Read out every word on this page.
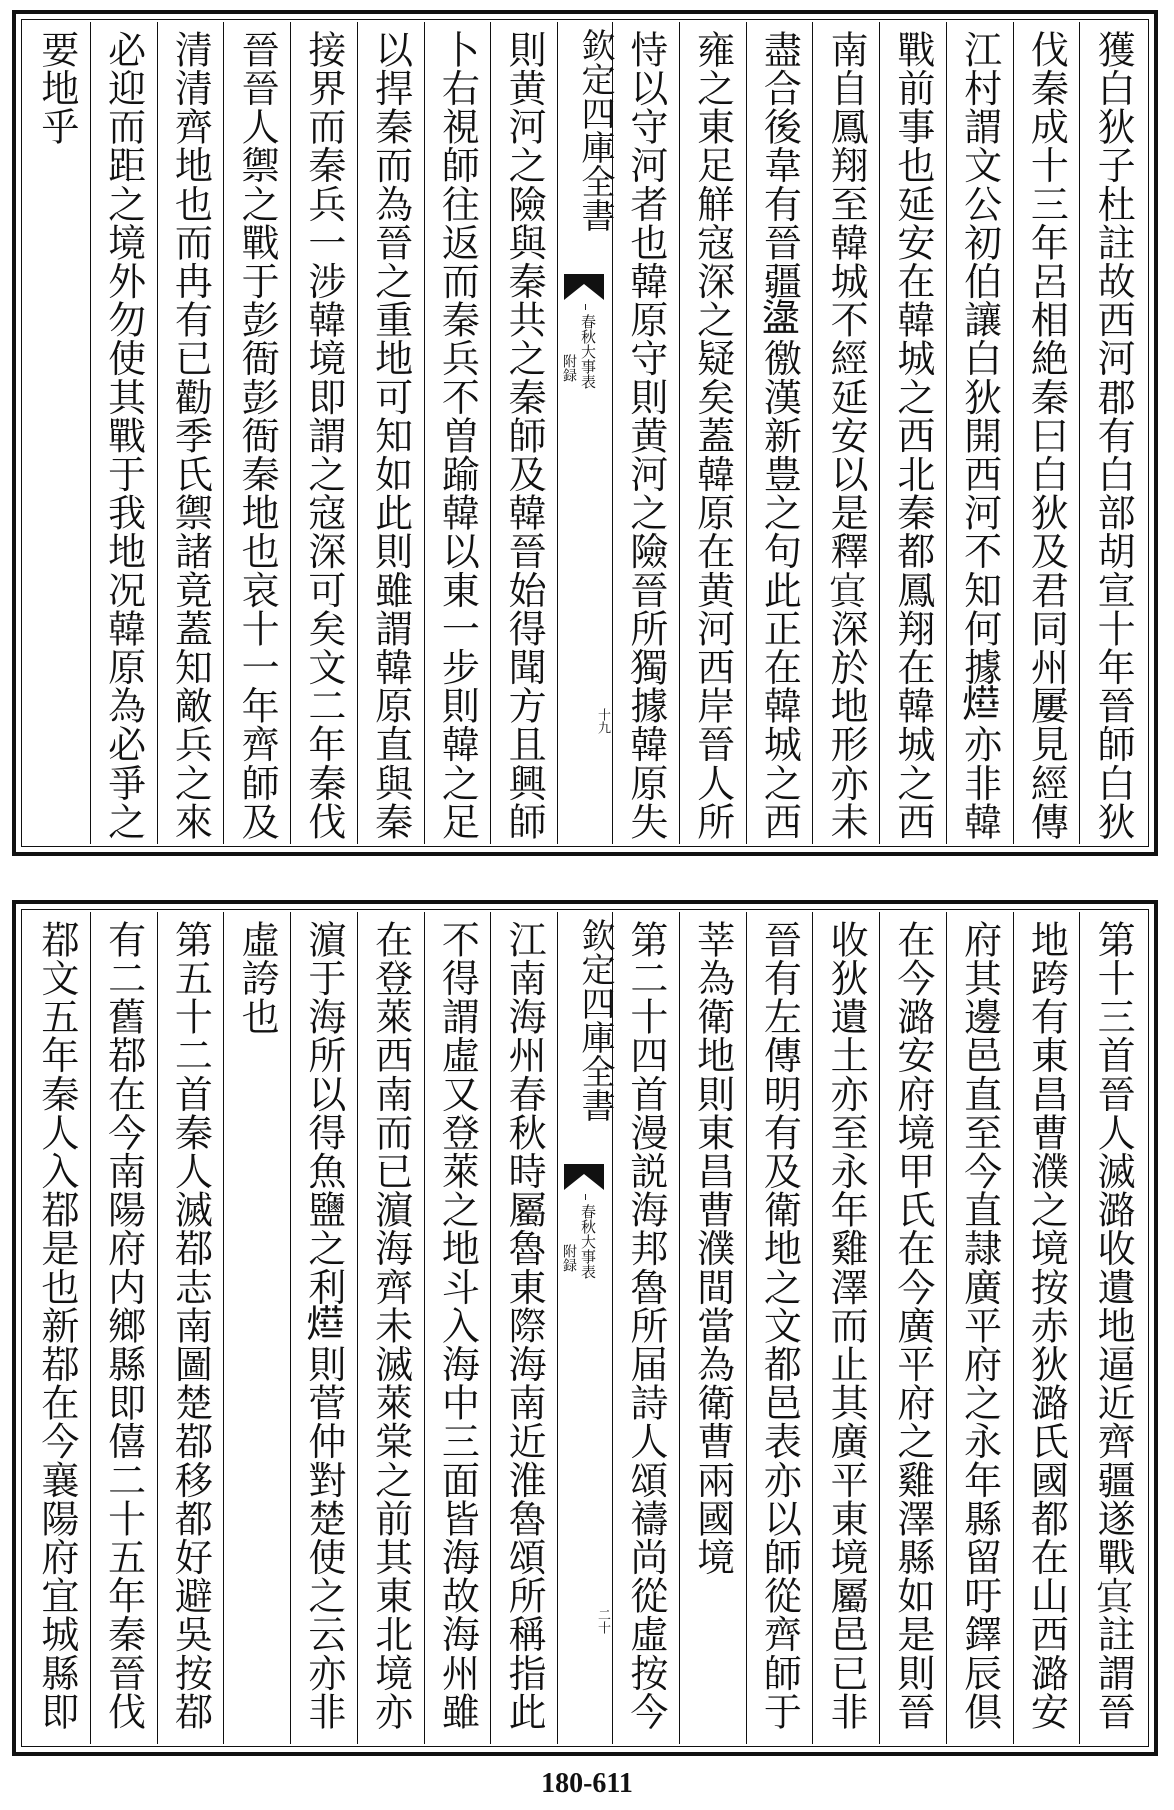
獲白狄子杜註故西河郡有白部胡宣十年晉師白狄
伐秦成十三年呂相絶秦曰白狄及君同州屢見經傳
江村謂文公初伯讓白狄開西河不知何據𤍞亦非韓
戰前事也延安在韓城之西北秦都鳳翔在韓城之西
南自鳳翔至韓城不經延安以是釋𡨋深於地形亦未
盡合後韋有晉疆𥂖徼漢新豊之句此正在韓城之西
雍之東足觧寇深之疑矣蓋韓原在黄河西岸晉人所
恃以守河者也韓原守則黄河之險晉所獨據韓原失
欽定四庫全書
春秋大事表
附録
十九
則黄河之險與秦共之秦師及韓晉始得聞方且興師
卜右視師往返而秦兵不曽踰韓以東一步則韓之足
以捍秦而為晉之重地可知如此則雖謂韓原直與秦
接界而秦兵一涉韓境即謂之寇深可矣文二年秦伐
晉晉人禦之戰于彭衙彭衙秦地也哀十一年齊師及
清清齊地也而冉有已勸季氏禦諸竟蓋知敵兵之來
必迎而距之境外勿使其戰于我地况韓原為必爭之
要地乎
第十三首晉人滅潞收遺地逼近齊疆遂戰𡨋註謂晉
地跨有東昌曹濮之境按赤狄潞氏國都在山西潞安
府其邊邑直至今直隷廣平府之永年縣留吁鐸辰倶
在今潞安府境甲氏在今廣平府之雞澤縣如是則晉
收狄遺土亦至永年雞澤而止其廣平東境屬邑已非
晉有左傳明有及衛地之文都邑表亦以師從齊師于
莘為衛地則東昌曹濮間當為衛曹兩國境
第二十四首漫説海邦魯所届詩人頌禱尚從虛按今
欽定四庫全書
春秋大事表
附録
二十
江南海州春秋時屬魯東際海南近淮魯頌所稱指此
不得謂虛又登萊之地斗入海中三面皆海故海州雖
在登萊西南而已濵海齊未滅萊棠之前其東北境亦
濵于海所以得魚鹽之利𤍞則菅仲對楚使之云亦非
虛誇也
第五十二首秦人滅鄀志南圖楚鄀移都好避吳按鄀
有二舊鄀在今南陽府内鄉縣即僖二十五年秦晉伐
鄀文五年秦人入鄀是也新鄀在今襄陽府宜城縣即
180-611
